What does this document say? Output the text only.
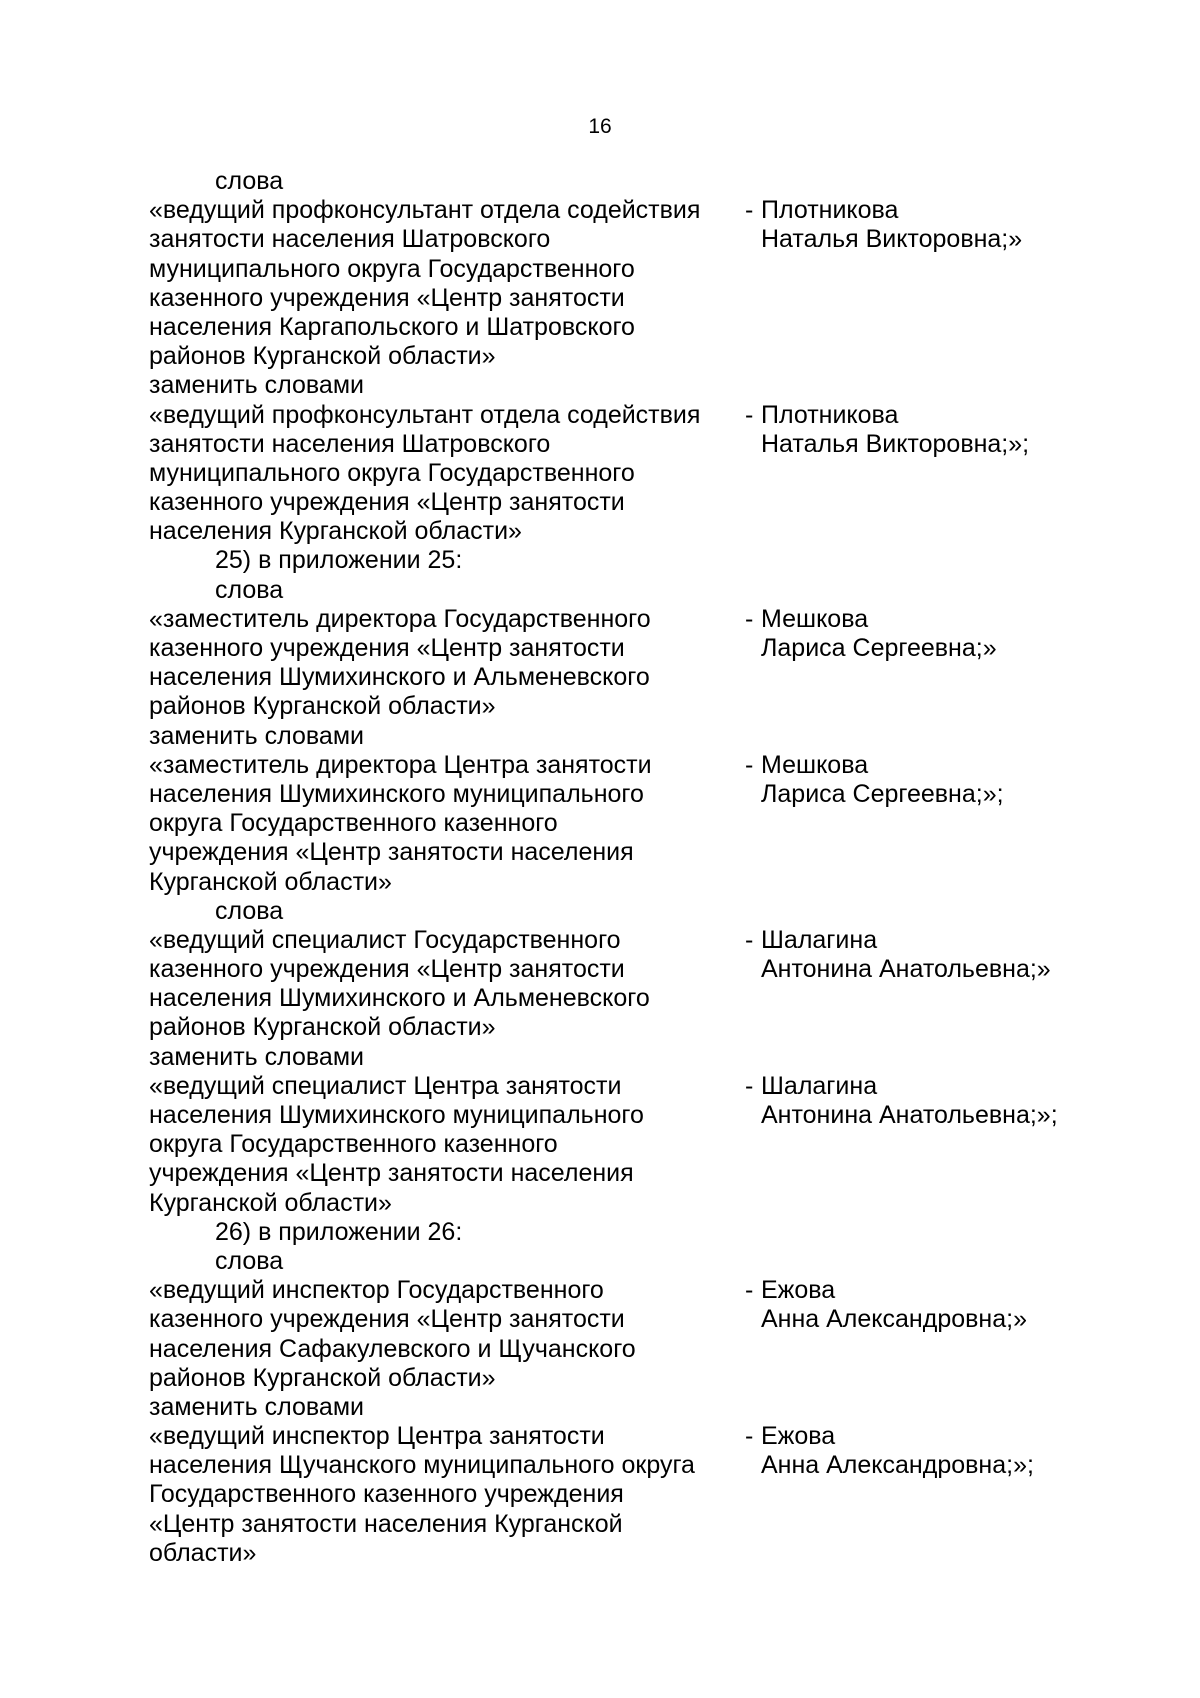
16
слова
«ведущий профконсультант отдела содействия
занятости населения Шатровского
муниципального округа Государственного
казенного учреждения «Центр занятости
населения Каргапольского и Шатровского
районов Курганской области»
- Плотникова
Наталья Викторовна;»
заменить словами
«ведущий профконсультант отдела содействия
занятости населения Шатровского
муниципального округа Государственного
казенного учреждения «Центр занятости
населения Курганской области»
- Плотникова
Наталья Викторовна;»;
25) в приложении 25:
слова
«заместитель директора Государственного
казенного учреждения «Центр занятости
населения Шумихинского и Альменевского
районов Курганской области»
- Мешкова
Лариса Сергеевна;»
заменить словами
«заместитель директора Центра занятости
населения Шумихинского муниципального
округа Государственного казенного
учреждения «Центр занятости населения
Курганской области»
- Мешкова
Лариса Сергеевна;»;
слова
«ведущий специалист Государственного
казенного учреждения «Центр занятости
населения Шумихинского и Альменевского
районов Курганской области»
- Шалагина
Антонина Анатольевна;»
заменить словами
«ведущий специалист Центра занятости
населения Шумихинского муниципального
округа Государственного казенного
учреждения «Центр занятости населения
Курганской области»
- Шалагина
Антонина Анатольевна;»;
26) в приложении 26:
слова
«ведущий инспектор Государственного
казенного учреждения «Центр занятости
населения Сафакулевского и Щучанского
районов Курганской области»
- Ежова
Анна Александровна;»
заменить словами
«ведущий инспектор Центра занятости
населения Щучанского муниципального округа
Государственного казенного учреждения
«Центр занятости населения Курганской
области»
- Ежова
Анна Александровна;»;
